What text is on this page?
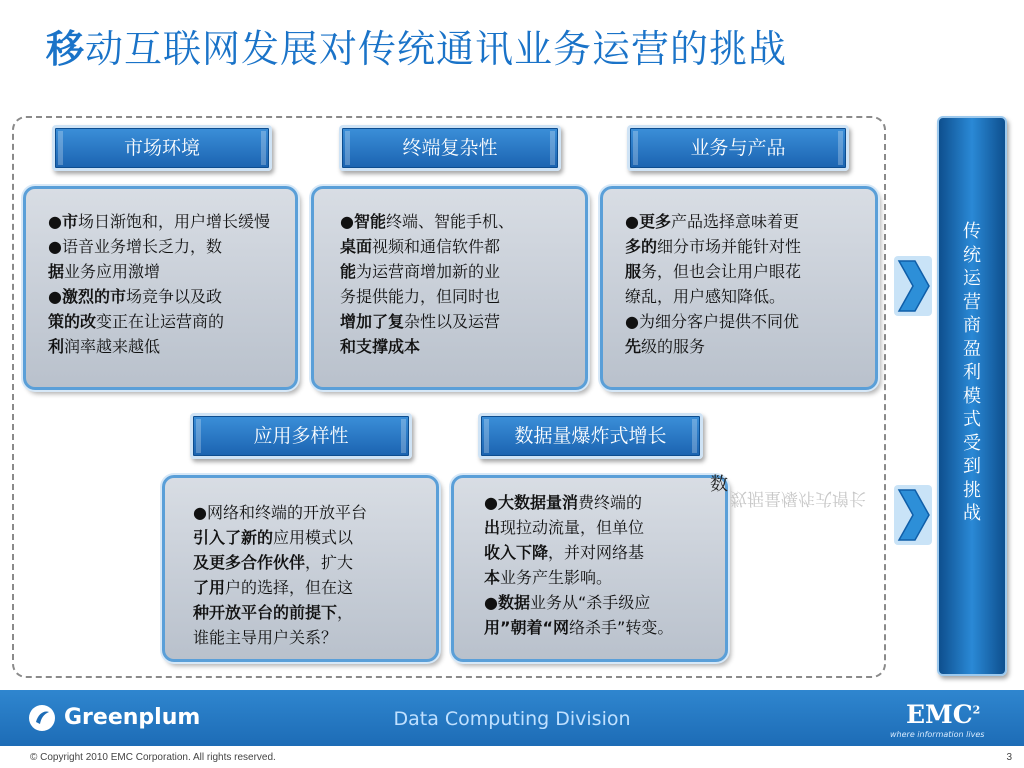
移动互联网发展对传统通讯业务运营的挑战
市场环境	终端复杂性	业务与产品
应用多样性	数据量爆炸式增长

●市场日渐饱和，用户增长缓慢

●语音业务增长乏力，数

据业务应用激增

●激烈的市场竞争以及政

策的改变正在让运营商的

利润率越来越低

●智能终端、智能手机、

桌面视频和通信软件都

能为运营商增加新的业

务提供能力，但同时也

增加了复杂性以及运营

和支撑成本

●更多产品选择意味着更

多的细分市场并能针对性

服务，但也会让用户眼花

缭乱，用户感知降低。

●为细分客户提供不同优

先级的服务

●网络和终端的开放平台

引入了新的应用模式以

及更多合作伙伴，扩大

了用户的选择，但在这

种开放平台的前提下，

谁能主导用户关系？

●大数据量消费终端的

出现拉动流量，但单位

收入下降，并对网络基

本业务产生影响。

●数据业务从“杀手级应

用”朝着“网络杀手”转变。

数
数据量爆炸式增长
传
统
运
营
商
盈
利
模
式
受
到
挑
战
Greenplum	Data Computing Division	EMC$^2$
where information lives
© Copyright 2010 EMC Corporation. All rights reserved.	3
